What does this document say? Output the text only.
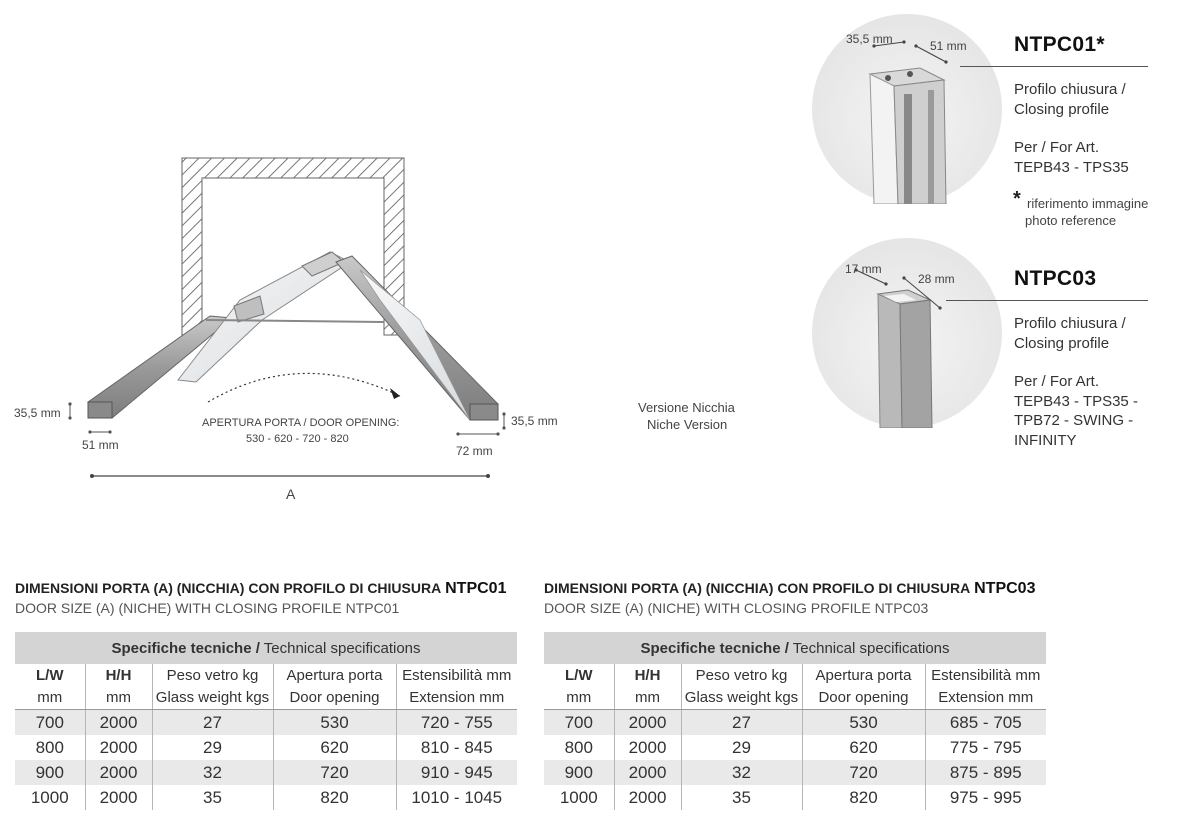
35,5 mm
51 mm
35,5 mm
72 mm
APERTURA PORTA / DOOR OPENING:
530 - 620 - 720 - 820
A
Versione Nicchia
Niche Version
35,5 mm	51 mm NTPC01*
Profilo chiusura /
Closing profile
Per / For Art.
TEPB43 - TPS35
* riferimento immagine
photo reference
17 mm
28 mm	NTPC03
Profilo chiusura /
Closing profile
Per / For Art.
TEPB43 - TPS35 -
TPB72 - SWING -
INFINITY
DIMENSIONI PORTA (A) (NICCHIA) CON PROFILO DI CHIUSURA NTPC01
DOOR SIZE (A) (NICHE) WITH CLOSING PROFILE NTPC01
Specifiche tecniche / Technical specifications				
L/W	H/H	Peso vetro kg	Apertura porta	Estensibilità mm
mm	mm	Glass weight kgs	Door opening	Extension mm
700	2000	27	530	720 - 755
800	2000	29	620	810 - 845
900	2000	32	720	910 - 945
1000	2000	35	820	1010 - 1045
DIMENSIONI PORTA (A) (NICCHIA) CON PROFILO DI CHIUSURA NTPC03
DOOR SIZE (A) (NICHE) WITH CLOSING PROFILE NTPC03
Specifiche tecniche / Technical specifications				
L/W	H/H	Peso vetro kg	Apertura porta	Estensibilità mm
mm	mm	Glass weight kgs	Door opening	Extension mm
700	2000	27	530	685 - 705
800	2000	29	620	775 - 795
900	2000	32	720	875 - 895
1000	2000	35	820	975 - 995
